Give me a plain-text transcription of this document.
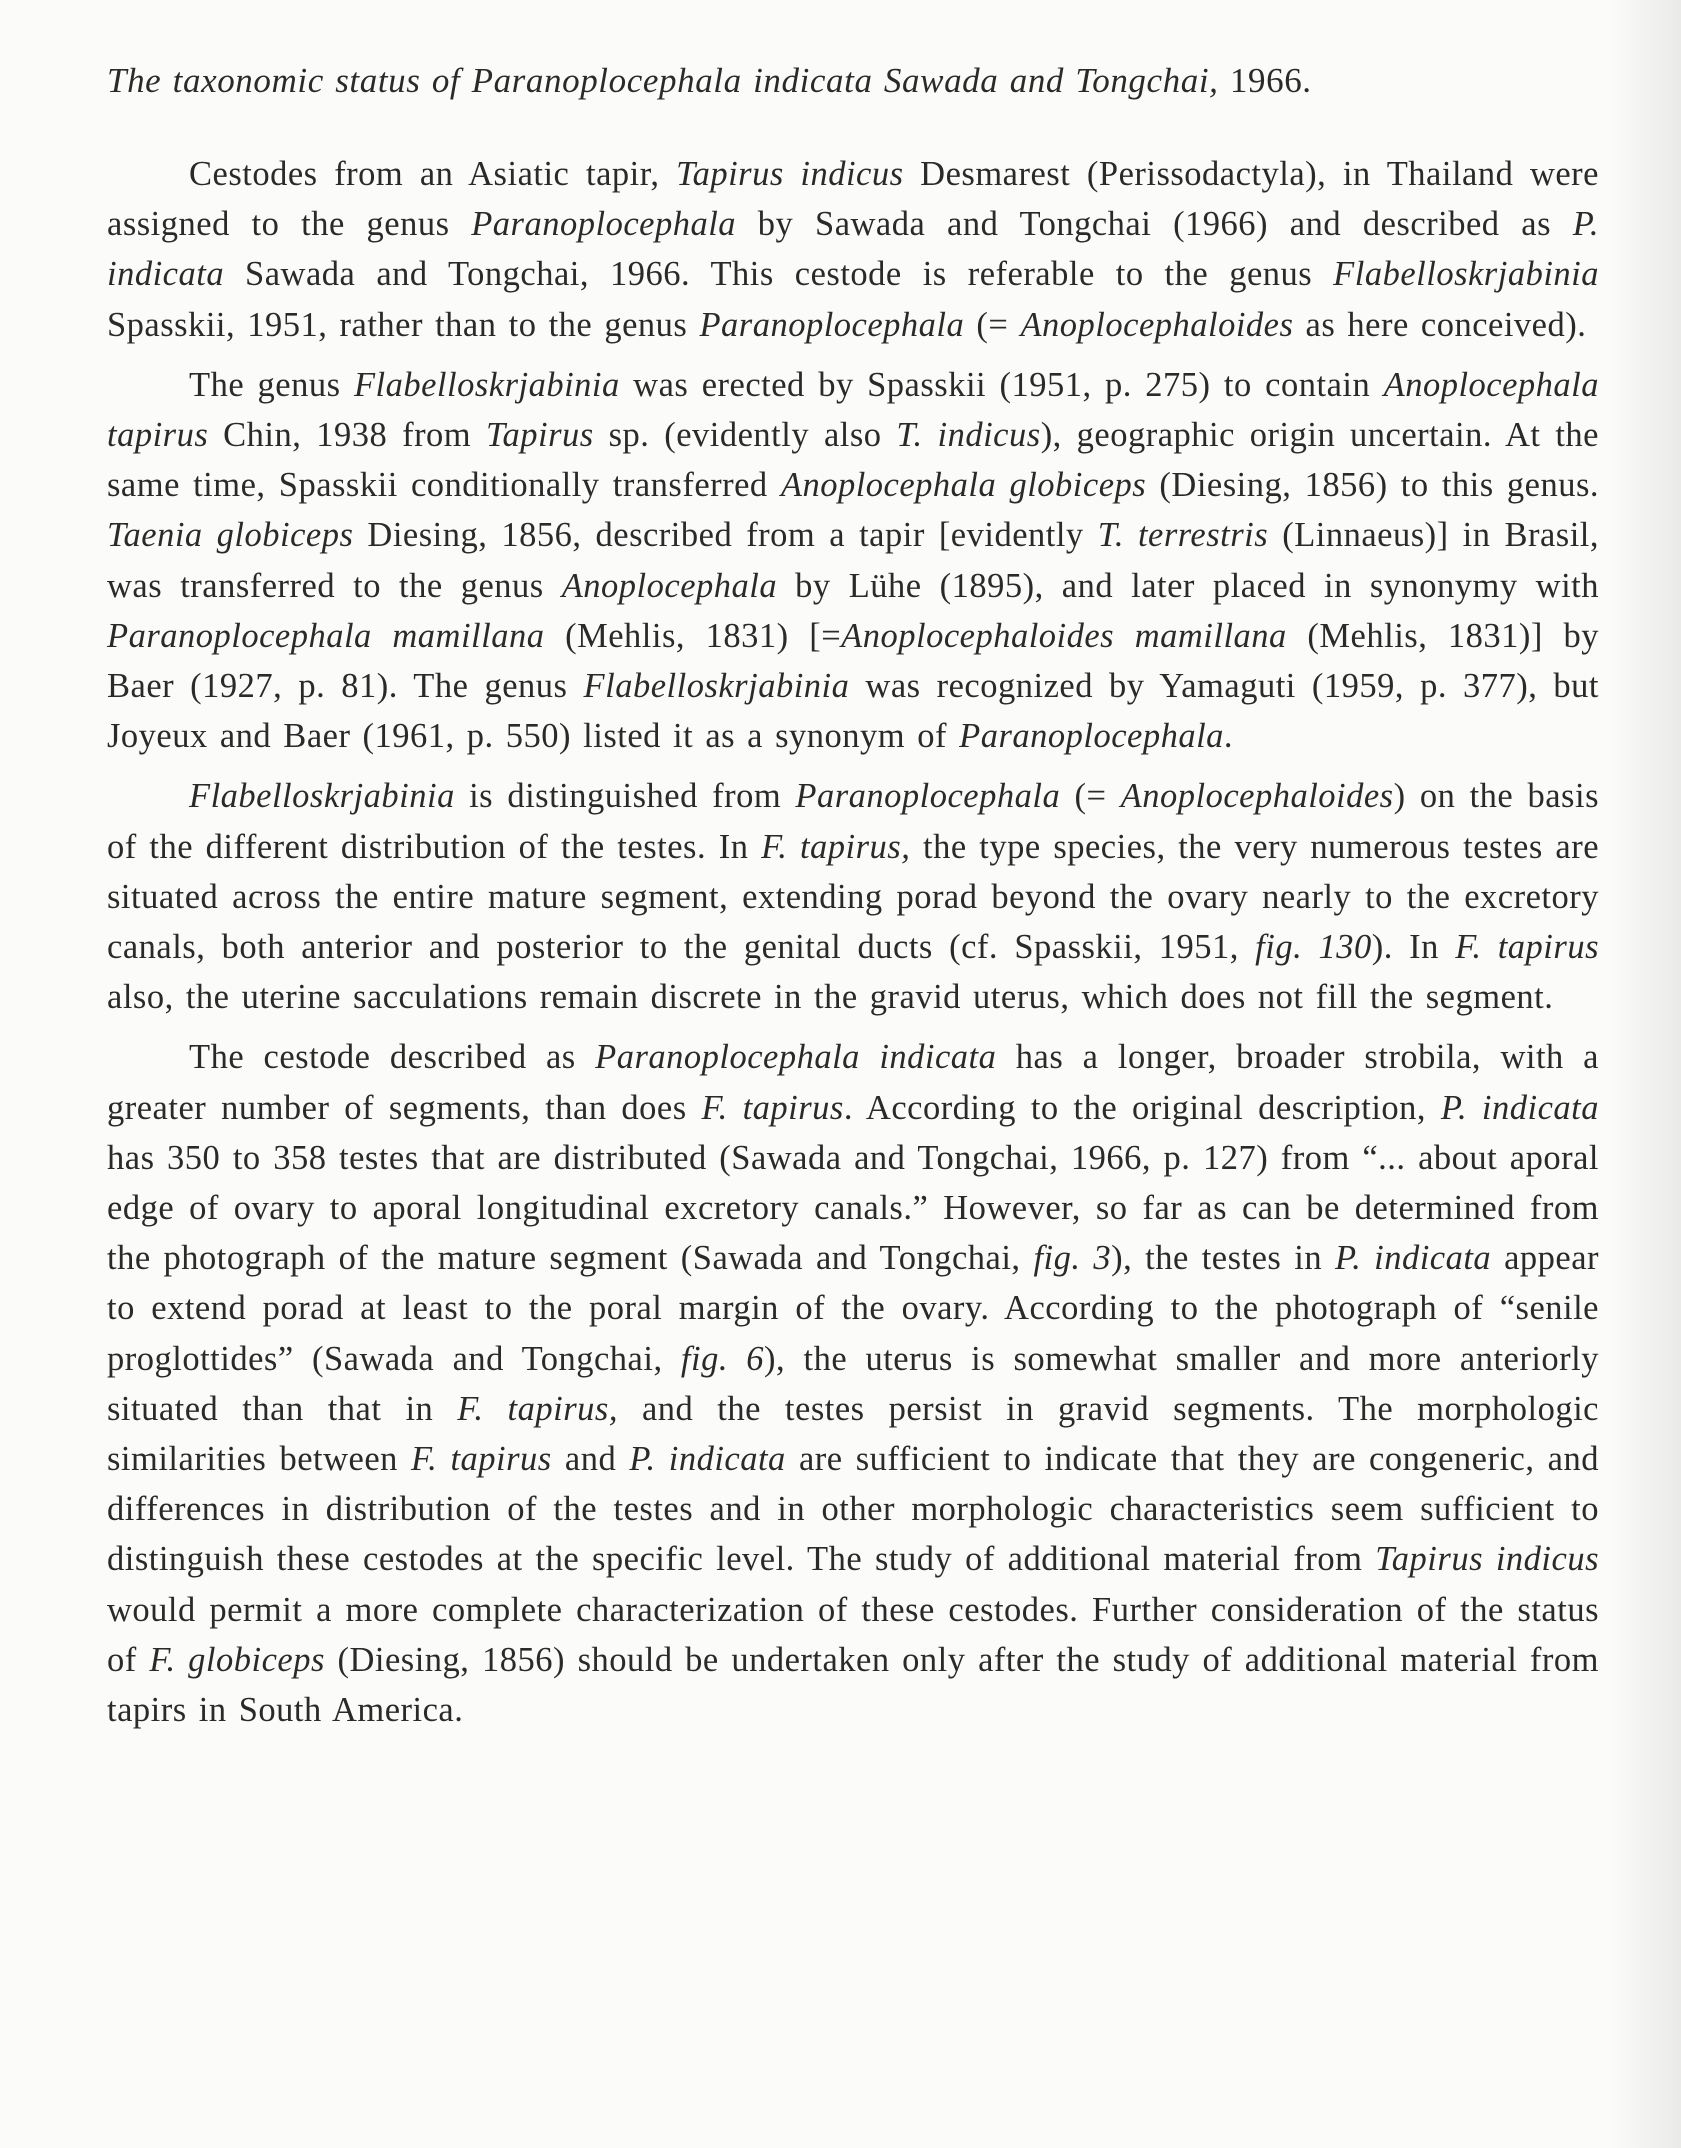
The taxonomic status of Paranoplocephala indicata Sawada and Tongchai, 1966.

Cestodes from an Asiatic tapir, Tapirus indicus Desmarest (Perissodactyla), in Thailand were assigned to the genus Paranoplocephala by Sawada and Tongchai (1966) and described as P. indicata Sawada and Tongchai, 1966. This cestode is referable to the genus Flabelloskrjabinia Spasskii, 1951, rather than to the genus Paranoplocephala (= Anoplocephaloides as here conceived).

The genus Flabelloskrjabinia was erected by Spasskii (1951, p. 275) to contain Anoplocephala tapirus Chin, 1938 from Tapirus sp. (evidently also T. indicus), geographic origin uncertain. At the same time, Spasskii conditionally transferred Anoplocephala globiceps (Diesing, 1856) to this genus. Taenia globiceps Diesing, 1856, described from a tapir [evidently T. terrestris (Linnaeus)] in Brasil, was transferred to the genus Anoplocephala by Lühe (1895), and later placed in synonymy with Paranoplocephala mamillana (Mehlis, 1831) [=Anoplocephaloides mamillana (Mehlis, 1831)] by Baer (1927, p. 81). The genus Flabelloskrjabinia was recognized by Yamaguti (1959, p. 377), but Joyeux and Baer (1961, p. 550) listed it as a synonym of Paranoplocephala.

Flabelloskrjabinia is distinguished from Paranoplocephala (= Anoplocephaloides) on the basis of the different distribution of the testes. In F. tapirus, the type species, the very numerous testes are situated across the entire mature segment, extending porad beyond the ovary nearly to the excretory canals, both anterior and posterior to the genital ducts (cf. Spasskii, 1951, fig. 130). In F. tapirus also, the uterine sacculations remain discrete in the gravid uterus, which does not fill the segment.

The cestode described as Paranoplocephala indicata has a longer, broader strobila, with a greater number of segments, than does F. tapirus. According to the original description, P. indicata has 350 to 358 testes that are distributed (Sawada and Tongchai, 1966, p. 127) from “... about aporal edge of ovary to aporal longitudinal excretory canals.” However, so far as can be determined from the photograph of the mature segment (Sawada and Tongchai, fig. 3), the testes in P. indicata appear to extend porad at least to the poral margin of the ovary. According to the photograph of “senile proglottides” (Sawada and Tongchai, fig. 6), the uterus is somewhat smaller and more anteriorly situated than that in F. tapirus, and the testes persist in gravid segments. The morphologic similarities between F. tapirus and P. indicata are sufficient to indicate that they are congeneric, and differences in distribution of the testes and in other morphologic characteristics seem sufficient to distinguish these cestodes at the specific level. The study of additional material from Tapirus indicus would permit a more complete characterization of these cestodes. Further consideration of the status of F. globiceps (Diesing, 1856) should be undertaken only after the study of additional material from tapirs in South America.
